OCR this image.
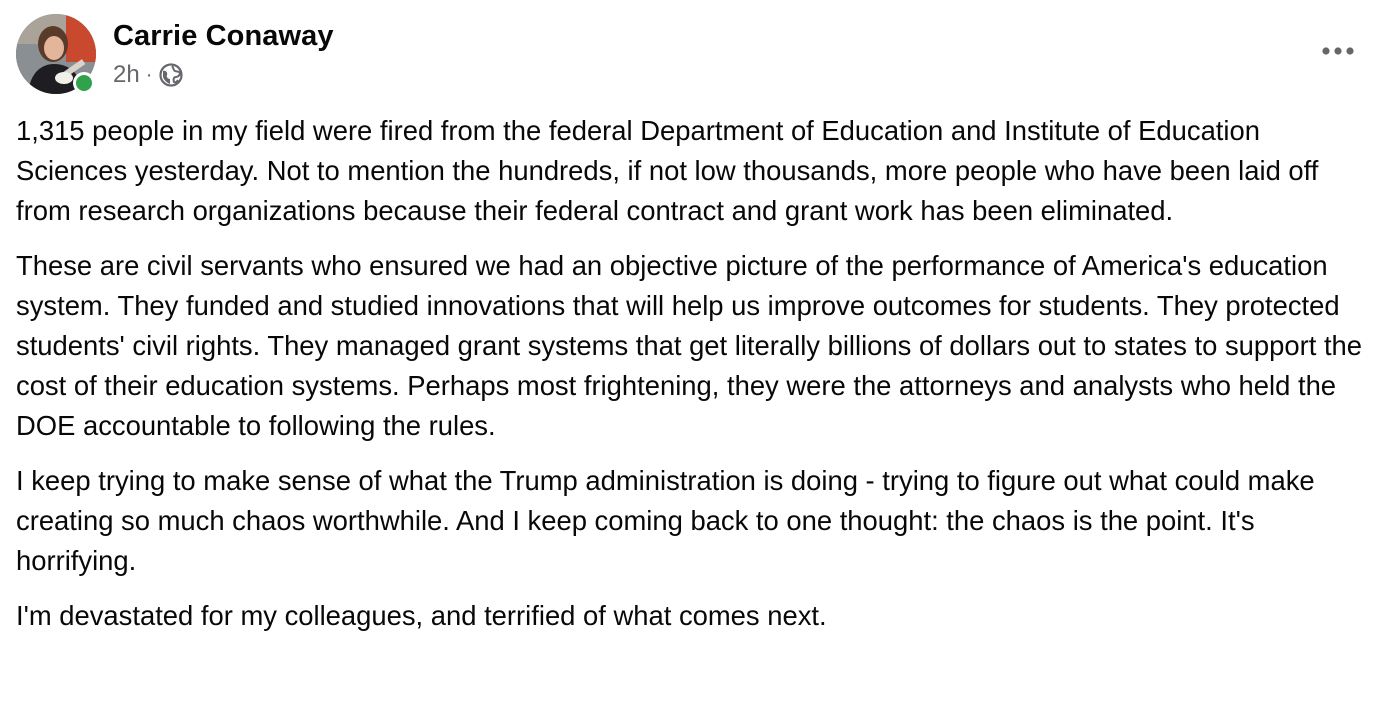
Carrie Conaway
2h ·

1,315 people in my field were fired from the federal Department of Education and Institute of Education Sciences yesterday. Not to mention the hundreds, if not low thousands, more people who have been laid off from research organizations because their federal contract and grant work has been eliminated.

These are civil servants who ensured we had an objective picture of the performance of America's education system. They funded and studied innovations that will help us improve outcomes for students. They protected students' civil rights. They managed grant systems that get literally billions of dollars out to states to support the cost of their education systems. Perhaps most frightening, they were the attorneys and analysts who held the DOE accountable to following the rules.

I keep trying to make sense of what the Trump administration is doing - trying to figure out what could make creating so much chaos worthwhile. And I keep coming back to one thought: the chaos is the point. It's horrifying.

I'm devastated for my colleagues, and terrified of what comes next.
